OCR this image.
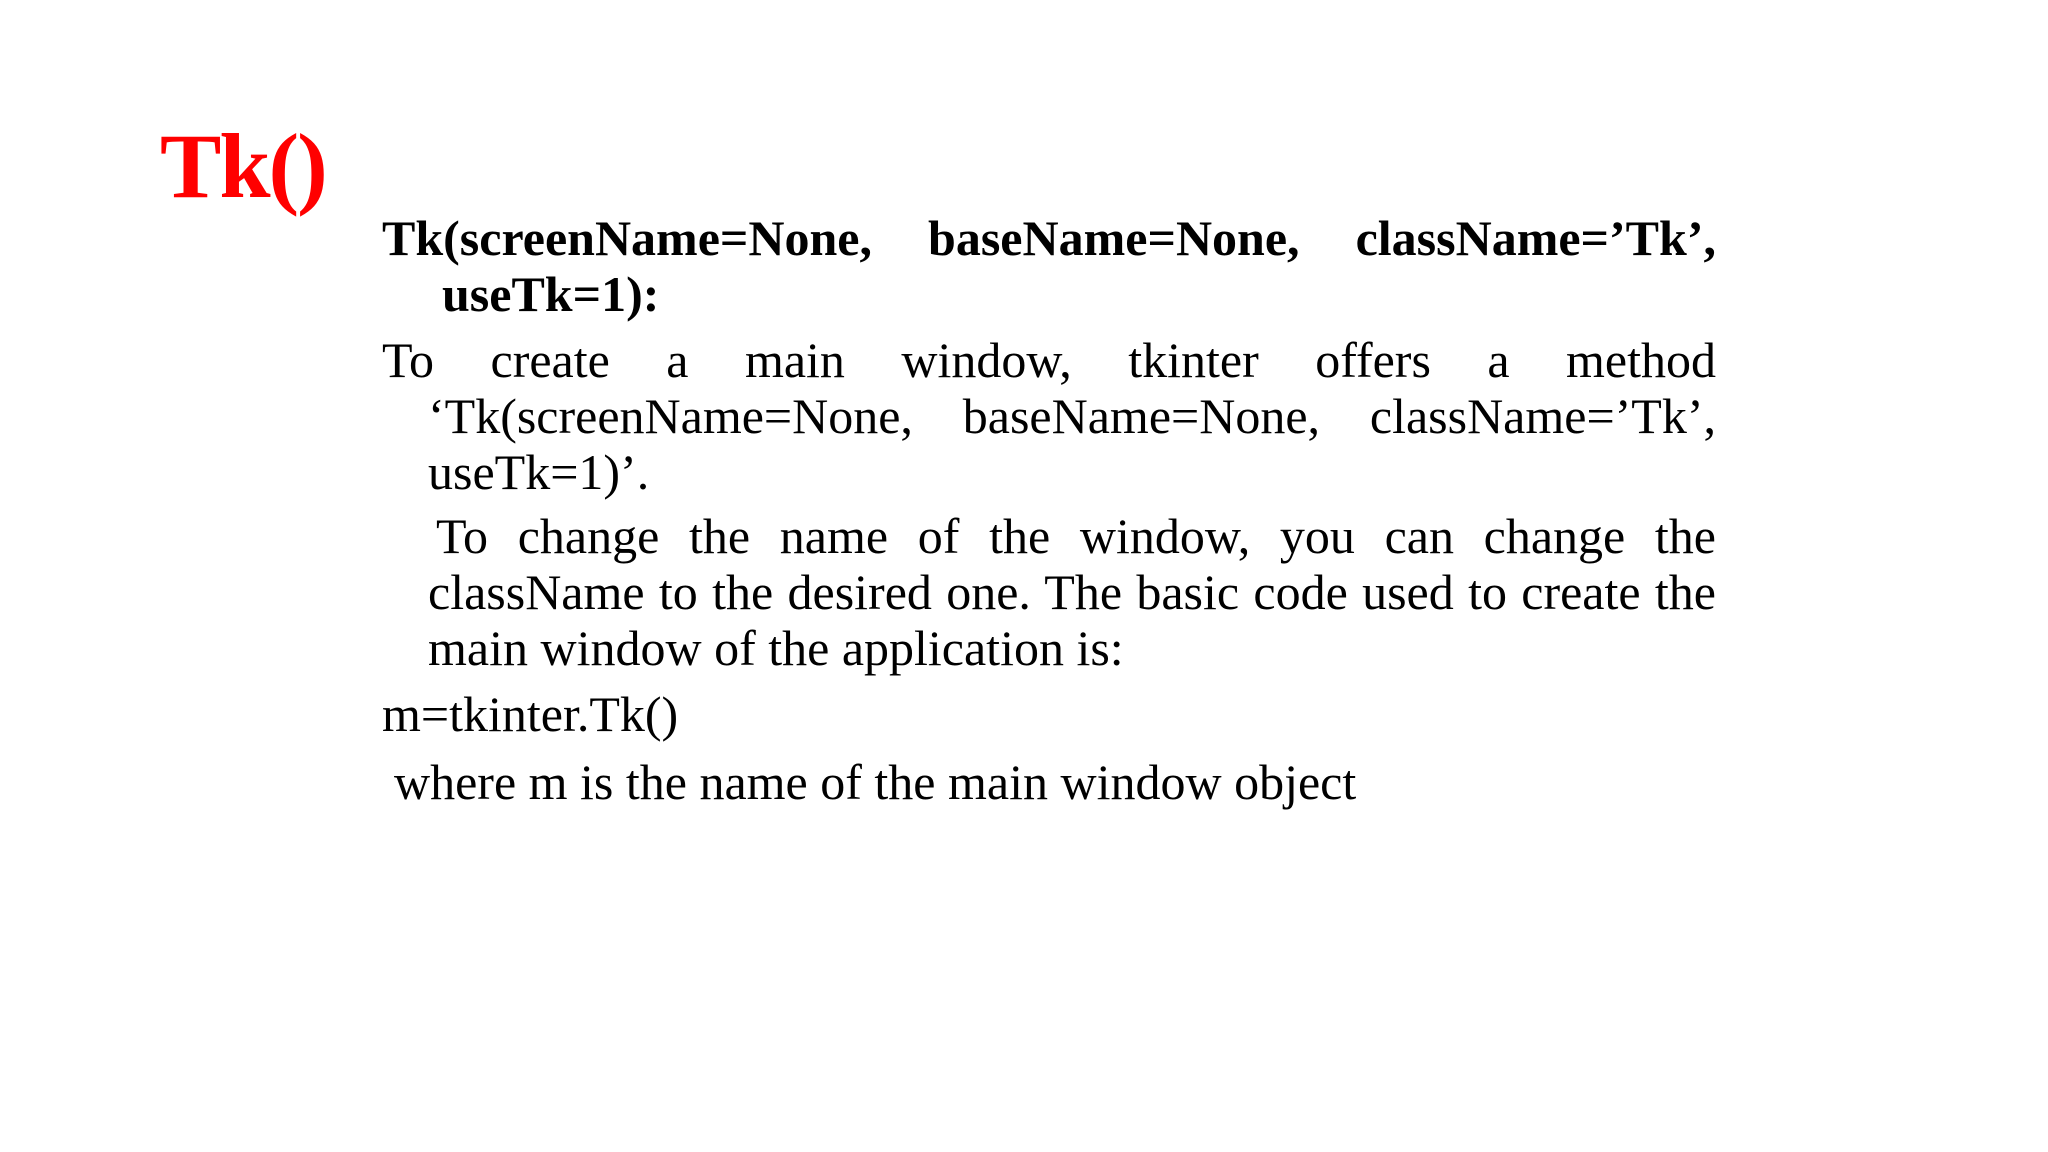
Tk()

Tk(screenName=None, baseName=None, className=’Tk’, useTk=1):

To create a main window, tkinter offers a method ‘Tk(screenName=None, baseName=None, className=’Tk’, useTk=1)’.

To change the name of the window, you can change the className to the desired one. The basic code used to create the main window of the application is:

m=tkinter.Tk()

where m is the name of the main window object
